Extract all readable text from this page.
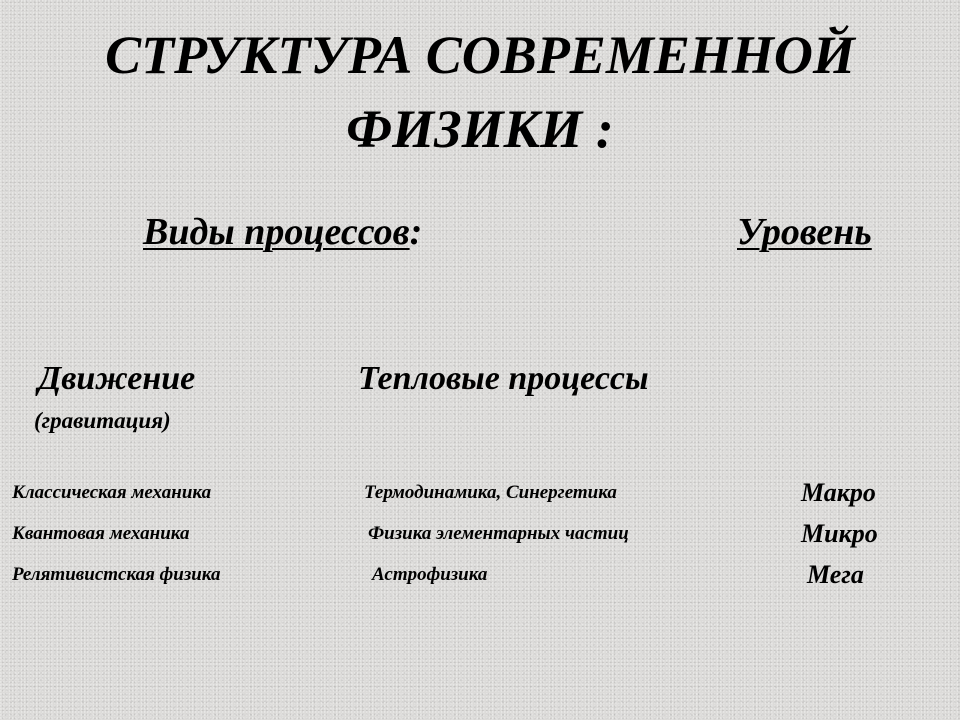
СТРУКТУРА СОВРЕМЕННОЙ
ФИЗИКИ :
Виды процессов:	Уровень
Движение
(гравитация)
Тепловые процессы
Классическая механика	Термодинамика, Синергетика	Макро
Квантовая механика	Физика элементарных частиц	Микро
Релятивистская физика	Астрофизика	Мега
